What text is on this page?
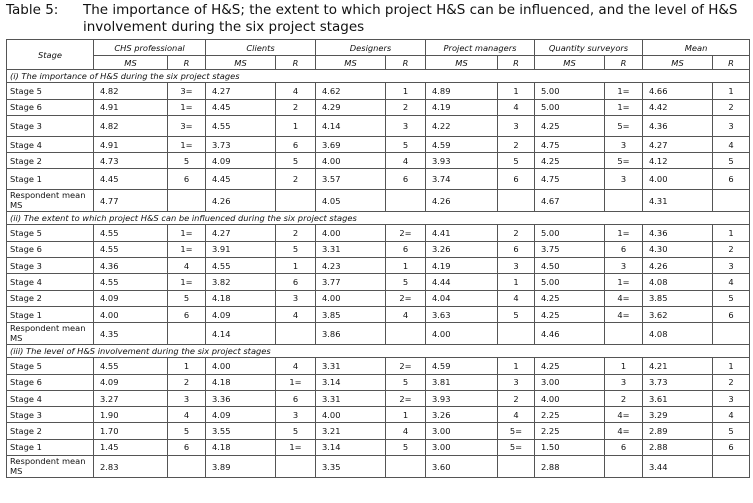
Table 5: The importance of H&S; the extent to which project H&S can be influenced, and the level of H&S involvement during the six project stages
Stage	CHS professional		Clients		Designers		Project managers		Quantity surveyors		Mean	
	MS	R	MS	R	MS	R	MS	R	MS	R	MS	R
(i) The importance of H&S during the six project stages												
Stage 5	4.82	3=	4.27	4	4.62	1	4.89	1	5.00	1=	4.66	1
Stage 6	4.91	1=	4.45	2	4.29	2	4.19	4	5.00	1=	4.42	2
Stage 3	4.82	3=	4.55	1	4.14	3	4.22	3	4.25	5=	4.36	3
Stage 4	4.91	1=	3.73	6	3.69	5	4.59	2	4.75	3	4.27	4
Stage 2	4.73	5	4.09	5	4.00	4	3.93	5	4.25	5=	4.12	5
Stage 1	4.45	6	4.45	2	3.57	6	3.74	6	4.75	3	4.00	6
Respondent mean MS	4.77		4.26		4.05		4.26		4.67		4.31	
(ii) The extent to which project H&S can be influenced during the six project stages												
Stage 5	4.55	1=	4.27	2	4.00	2=	4.41	2	5.00	1=	4.36	1
Stage 6	4.55	1=	3.91	5	3.31	6	3.26	6	3.75	6	4.30	2
Stage 3	4.36	4	4.55	1	4.23	1	4.19	3	4.50	3	4.26	3
Stage 4	4.55	1=	3.82	6	3.77	5	4.44	1	5.00	1=	4.08	4
Stage 2	4.09	5	4.18	3	4.00	2=	4.04	4	4.25	4=	3.85	5
Stage 1	4.00	6	4.09	4	3.85	4	3.63	5	4.25	4=	3.62	6
Respondent mean MS	4.35		4.14		3.86		4.00		4.46		4.08	
(iii) The level of H&S involvement during the six project stages												
Stage 5	4.55	1	4.00	4	3.31	2=	4.59	1	4.25	1	4.21	1
Stage 6	4.09	2	4.18	1=	3.14	5	3.81	3	3.00	3	3.73	2
Stage 4	3.27	3	3.36	6	3.31	2=	3.93	2	4.00	2	3.61	3
Stage 3	1.90	4	4.09	3	4.00	1	3.26	4	2.25	4=	3.29	4
Stage 2	1.70	5	3.55	5	3.21	4	3.00	5=	2.25	4=	2.89	5
Stage 1	1.45	6	4.18	1=	3.14	5	3.00	5=	1.50	6	2.88	6
Respondent mean MS	2.83		3.89		3.35		3.60		2.88		3.44	
